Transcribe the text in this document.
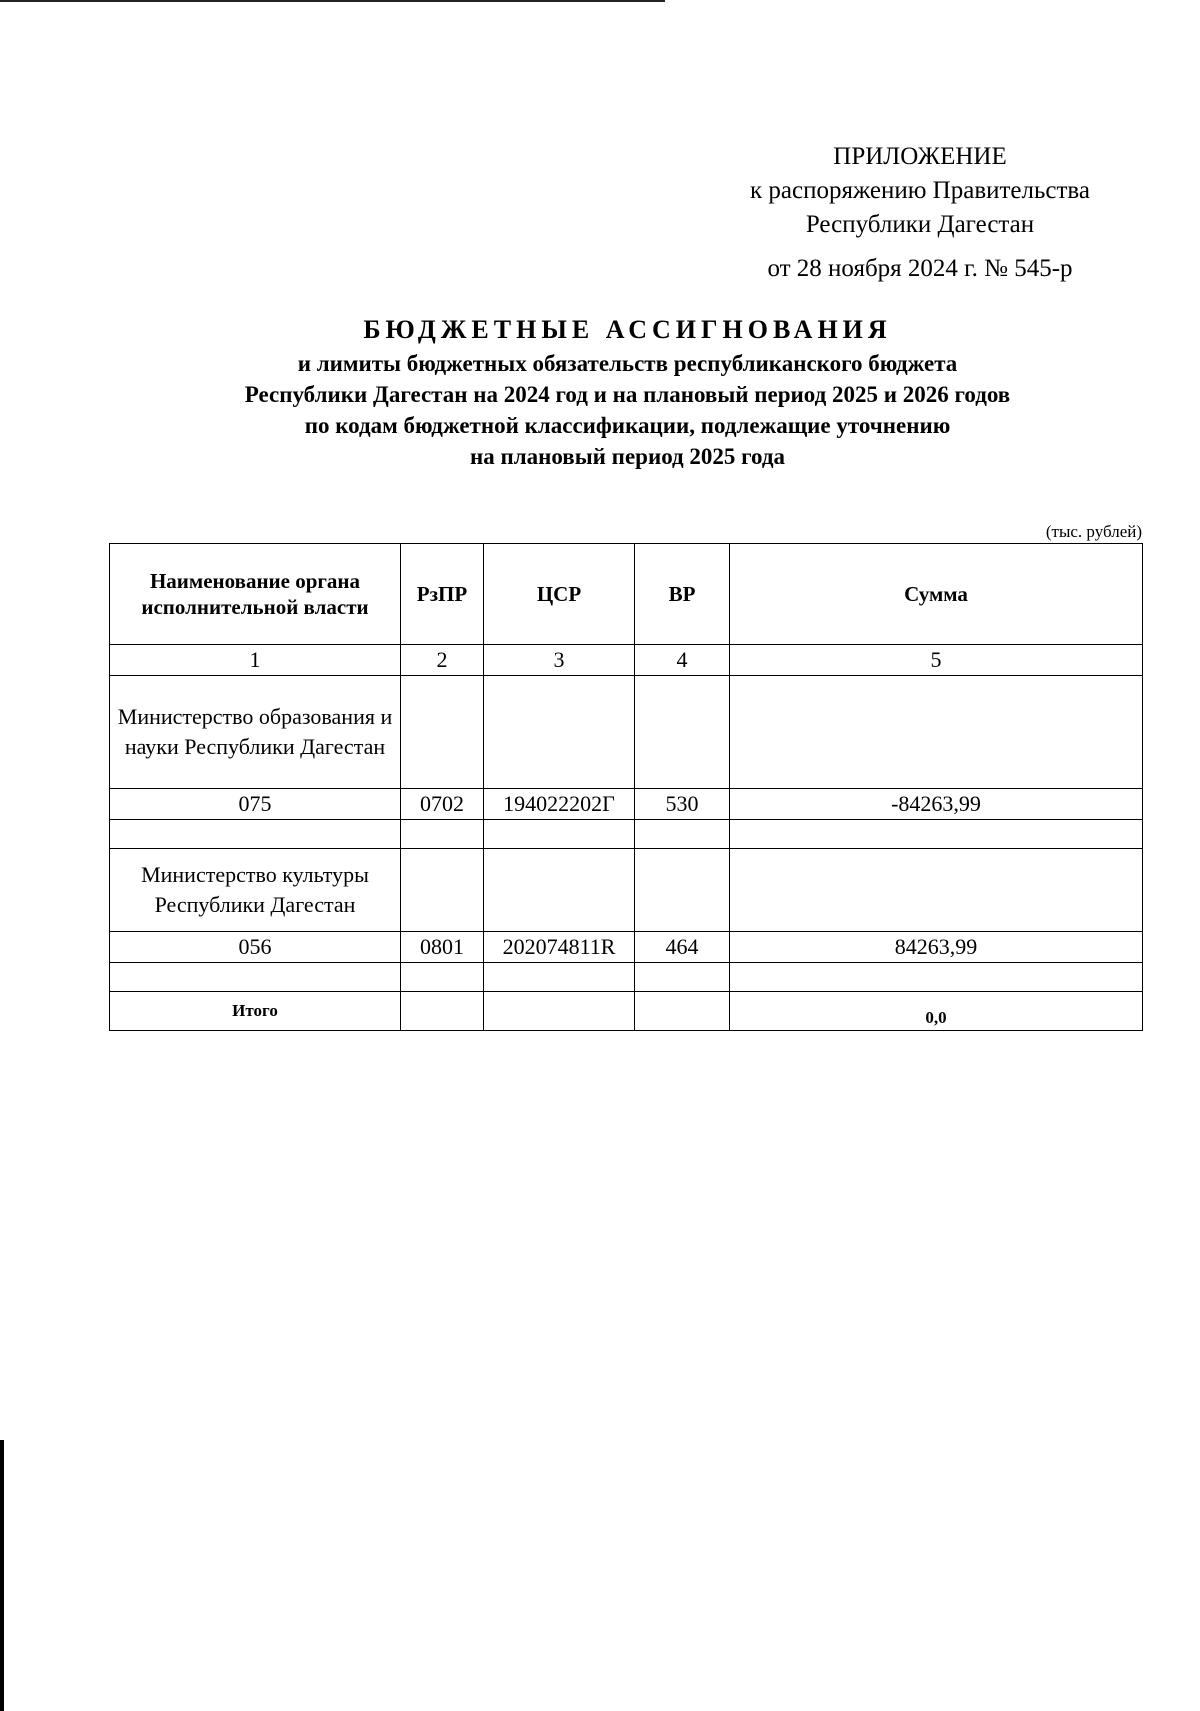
ПРИЛОЖЕНИЕ
к распоряжению Правительства
Республики Дагестан
от 28 ноября 2024 г. № 545-р
БЮДЖЕТНЫЕ АССИГНОВАНИЯ
и лимиты бюджетных обязательств республиканского бюджета
Республики Дагестан на 2024 год и на плановый период 2025 и 2026 годов
по кодам бюджетной классификации, подлежащие уточнению
на плановый период 2025 года
(тыс. рублей)
Наименование органа исполнительной власти	РзПР	ЦСР	ВР	Сумма
1	2	3	4	5
Министерство образования и науки Республики Дагестан				
075	0702	194022202Г	530	-84263,99

Министерство культуры Республики Дагестан				
056	0801	202074811R	464	84263,99

Итого				0,0
